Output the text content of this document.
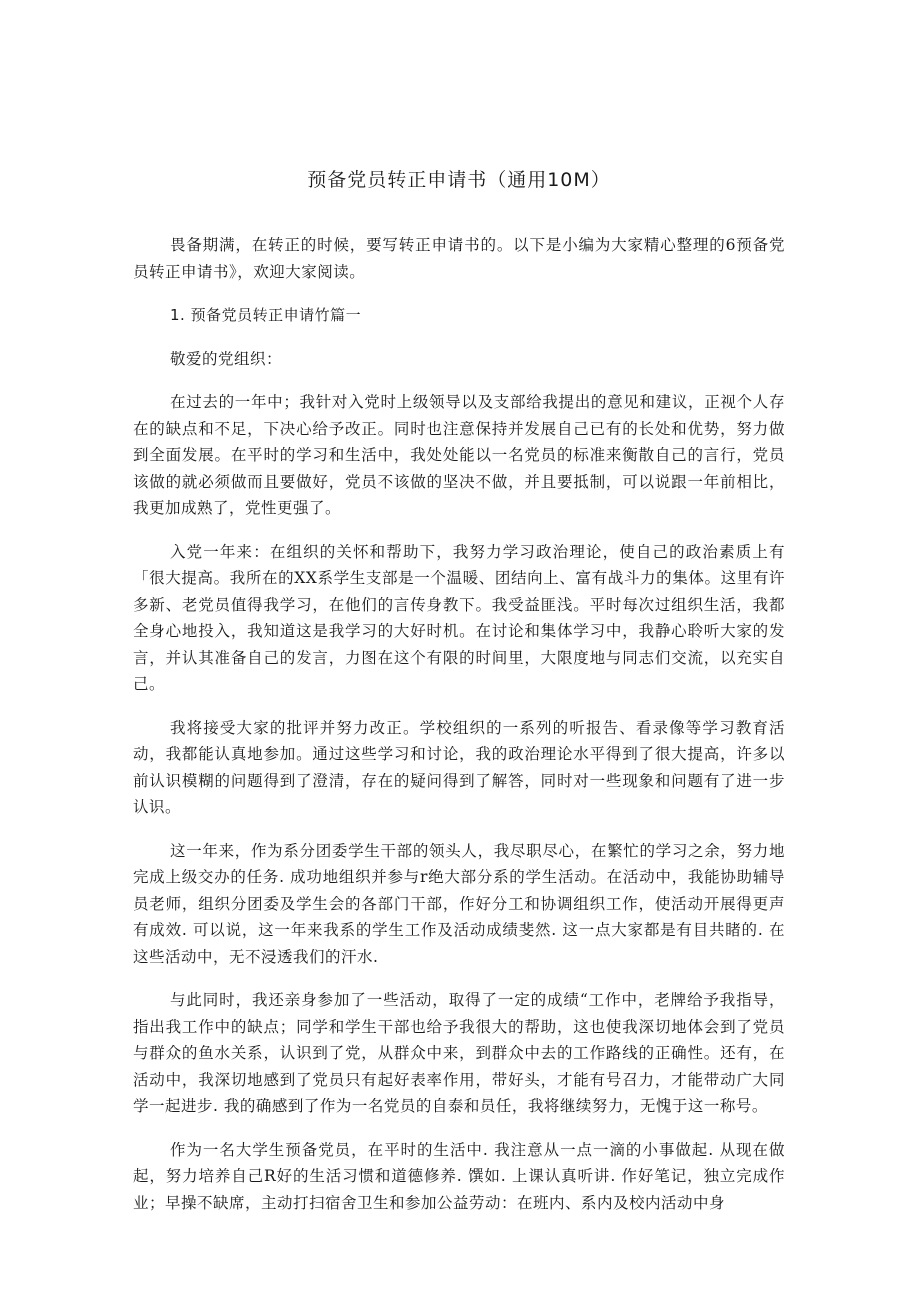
预备党员转正申请书（通用10M）

畏备期满，在转正的时候，要写转正申请书的。以下是小编为大家精心整理的6预备党员转正申请书》，欢迎大家阅读。

1. 预备党员转正申请竹篇一

敬爱的党组织：

在过去的一年中；我针对入党时上级领导以及支部给我提出的意见和建议，正视个人存在的缺点和不足，下决心给予改正。同时也注意保持并发展自己已有的长处和优势，努力做到全面发展。在平时的学习和生活中，我处处能以一名党员的标准来衡散自己的言行，党员该做的就必须做而且要做好，党员不该做的坚决不做，并且要抵制，可以说跟一年前相比，我更加成熟了，党性更强了。

入党一年来：在组织的关怀和帮助下，我努力学习政治理论，使自己的政治素质上有「很大提高。我所在的XX系学生支部是一个温暖、团结向上、富有战斗力的集体。这里有许多新、老党员值得我学习，在他们的言传身教下。我受益匪浅。平时每次过组织生活，我都全身心地投入，我知道这是我学习的大好时机。在讨论和集体学习中，我静心聆听大家的发言，并认其准备自己的发言，力图在这个有限的时间里，大限度地与同志们交流，以充实自己。

我将接受大家的批评并努力改正。学校组织的一系列的听报告、看录像等学习教育活动，我都能认真地参加。通过这些学习和讨论，我的政治理论水平得到了很大提高，许多以前认识模糊的问题得到了澄清，存在的疑问得到了解答，同时对一些现象和问题有了进一步认识。

这一年来，作为系分团委学生干部的领头人，我尽职尽心，在繁忙的学习之余，努力地完成上级交办的任务. 成功地组织并参与r绝大部分系的学生活动。在活动中，我能协助辅导员老师，组织分团委及学生会的各部门干部，作好分工和协调组织工作，使活动开展得更声有成效. 可以说，这一年来我系的学生工作及活动成绩斐然. 这一点大家都是有目共睹的. 在这些活动中，无不浸透我们的汗水.

与此同时，我还亲身参加了一些活动，取得了一定的成绩“工作中，老牌给予我指导，指出我工作中的缺点；同学和学生干部也给予我很大的帮助，这也使我深切地体会到了党员与群众的鱼水关系，认识到了党，从群众中来，到群众中去的工作路线的正确性。还有，在活动中，我深切地感到了党员只有起好表率作用，带好头，才能有号召力，才能带动广大同学一起进步. 我的确感到了作为一名党员的自泰和员任，我将继续努力，无愧于这一称号。

作为一名大学生预备党员，在平时的生活中. 我注意从一点一滴的小事做起. 从现在做起，努力培养自己R好的生活习惯和道德修养. 馔如. 上课认真听讲. 作好笔记，独立完成作业；早操不缺席，主动打扫宿舍卫生和参加公益劳动：在班内、系内及校内活动中身
